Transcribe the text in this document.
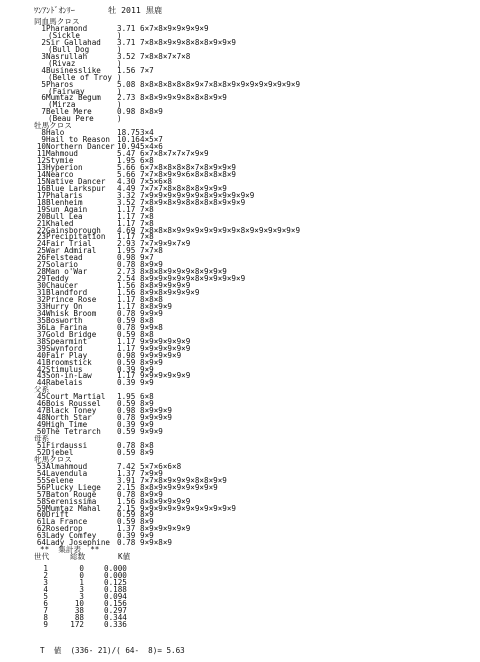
ﾜﾝｱﾝﾄﾞｵﾝﾘｰ	牡 2011 黒鹿
同血馬クロス
1 Pharamond	3.71 6×7×8×9×9×9×9×9
(Sickle	)
2 Sir Gallahad 3.71 7×8×8×9×9×8×8×8×9×9×9
(Bull Dog	)
3 Nasrullah	3.52 7×8×8×7×7×8
(Rivaz	)
4 Businesslike 1.56 7×7
(Belle of Troy )
5 Pharos	5.08 8×8×8×8×8×8×9×7×8×8×9×9×9×9×9×9×9×9
(Fairway	)
6 Mumtaz Begum 2.73 8×8×9×9×9×8×8×8×9×9
(Mirza	)
7 Belle Mere	0.98 8×8×9
(Beau Pere	)
牡馬クロス
8 Halo	18.75 3×4
9 Hail to Reason 10.16 4×5×7
10 Northern Dancer 10.94 5×4×6
11 Mahmoud	5.47 6×7×8×7×7×7×9×9
12 Stymie	1.95 6×8
13 Hyperion	5.66 6×7×8×8×8×8×7×8×9×9×9
14 Nearco	5.66 7×7×8×9×9×6×8×8×8×8×9
15 Native Dancer 4.30 7×5×6×8
16 Blue Larkspur 4.49 7×7×7×8×8×8×8×9×9×9
17 Phalaris	3.32 7×9×9×9×9×9×9×8×9×9×9×9×9
18 Blenheim	3.52 7×8×9×8×9×8×8×8×8×9×9×9
19 Sun Again	1.17 7×8
20 Bull Lea	1.17 7×8
21 Khaled	1.17 7×8
22 Gainsborough 4.69 7×8×8×8×9×9×9×9×9×9×9×8×9×9×9×9×9×9
23 Precipitation 1.17 7×8
24 Fair Trial	2.93 7×7×9×9×7×9
25 War Admiral	1.95 7×7×8
26 Felstead	0.98 9×7
27 Solario	0.78 8×9×9
28 Man o'War	2.73 8×8×8×9×9×9×8×9×9×9
29 Teddy	2.54 8×9×9×9×9×9×8×9×9×9×9×9
30 Chaucer	1.56 8×8×9×9×9×9
31 Blandford	1.56 8×9×8×9×9×9×9
32 Prince Rose	1.17 8×8×8
33 Hurry On	1.17 8×8×9×9
34 Whisk Broom	0.78 9×9×9
35 Bosworth	0.59 8×8
36 La Farina	0.78 9×9×8
37 Gold Bridge	0.59 8×8
38 Spearmint	1.17 9×9×9×9×9×9
39 Swynford	1.17 9×9×9×9×9×9
40 Fair Play	0.98 9×9×9×9×9
41 Broomstick	0.59 8×9×9
42 Stimulus	0.39 9×9
43 Son-in-Law	1.17 9×9×9×9×9×9
44 Rabelais	0.39 9×9
父系
45 Court Martial 1.95 6×8
46 Bois Roussel 0.59 8×9
47 Black Toney	0.98 8×9×9×9
48 North Star	0.78 9×9×9×9
49 High Time	0.39 9×9
50 The Tetrarch 0.59 9×9×9
母系
51 Firdaussi	0.78 8×8
52 Djebel	0.59 8×9
牝馬クロス
53 Almahmoud	7.42 5×7×6×6×8
54 Lavendula	1.37 7×9×9
55 Selene	3.91 7×7×8×9×9×9×8×8×9×9
56 Plucky Liege 2.15 8×8×9×9×9×9×9×9×9
57 Baton Rouge	0.78 8×9×9
58 Serenissima	1.56 8×8×9×9×9×9
59 Mumtaz Mahal 2.15 9×9×9×9×9×9×9×9×9×9×9
60 Drift	0.59 8×9
61 La France	0.59 8×9
62 Rosedrop	1.37 8×9×9×9×9×9
63 Lady Comfey	0.39 9×9
64 Lady Josephine 0.78 9×9×8×9
**  集計表  **
世代	総数	K値
1	0	0.000
2	0	0.000
3	1	0.125
4	3	0.188
5	3	0.094
6	10	0.156
7	38	0.297
8	88	0.344
9	172	0.336
T  値  (336- 21)/( 64-  8)= 5.63
